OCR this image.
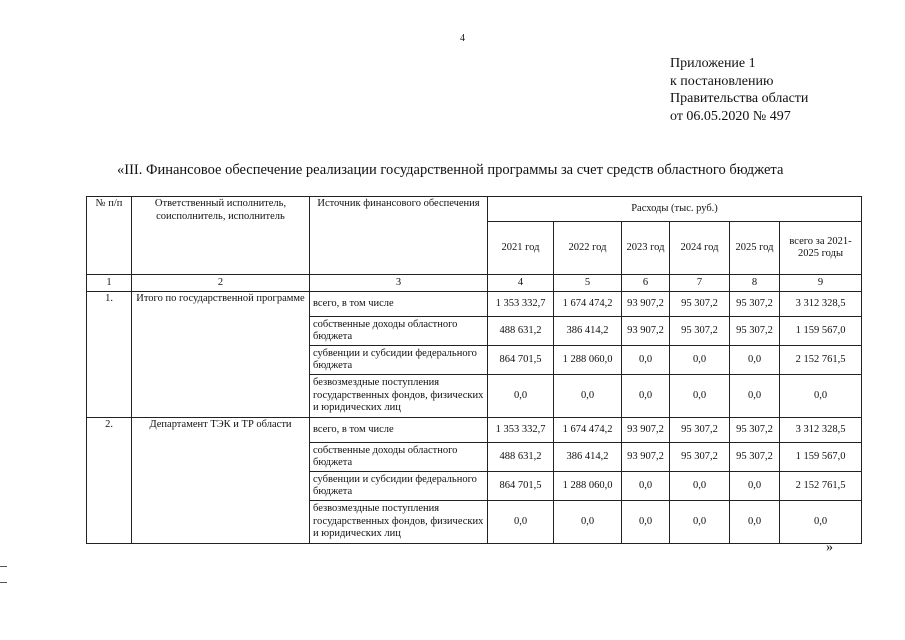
4
Приложение 1
к постановлению
Правительства области
от 06.05.2020 № 497
«III. Финансовое обеспечение реализации государственной программы за счет средств областного бюджета
№ п/п	Ответственный исполнитель, соисполнитель, исполнитель	Источник финансового обеспечения	Расходы (тыс. руб.)					
			2021 год	2022 год	2023 год	2024 год	2025 год	всего за 2021-2025 годы
1	2	3	4	5	6	7	8	9
1.	Итого по государственной программе	всего, в том числе	1 353 332,7	1 674 474,2	93 907,2	95 307,2	95 307,2	3 312 328,5
		собственные доходы областного бюджета	488 631,2	386 414,2	93 907,2	95 307,2	95 307,2	1 159 567,0
		субвенции и субсидии федерального бюджета	864 701,5	1 288 060,0	0,0	0,0	0,0	2 152 761,5
		безвозмездные поступления государственных фондов, физических и юридических лиц	0,0	0,0	0,0	0,0	0,0	0,0
2.	Департамент ТЭК и ТР области	всего, в том числе	1 353 332,7	1 674 474,2	93 907,2	95 307,2	95 307,2	3 312 328,5
		собственные доходы областного бюджета	488 631,2	386 414,2	93 907,2	95 307,2	95 307,2	1 159 567,0
		субвенции и субсидии федерального бюджета	864 701,5	1 288 060,0	0,0	0,0	0,0	2 152 761,5
		безвозмездные поступления государственных фондов, физических и юридических лиц	0,0	0,0	0,0	0,0	0,0	0,0
»
